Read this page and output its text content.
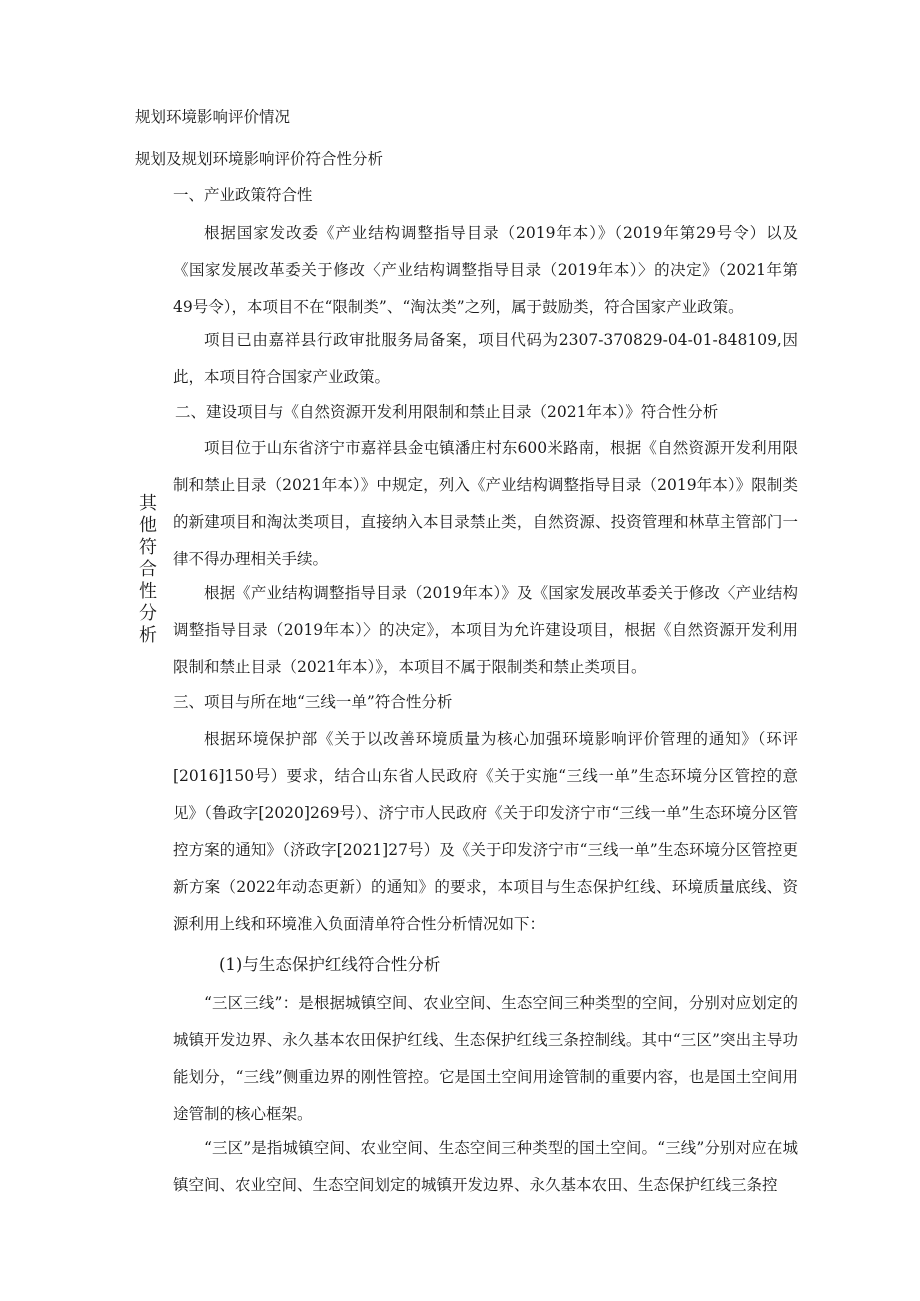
规划环境影响评价情况
规划及规划环境影响评价符合性分析
其
他
符
合
性
分
析
一、产业政策符合性
根据国家发改委《产业结构调整指导目录（2019年本）》（2019年第29号令）以及《国家发展改革委关于修改〈产业结构调整指导目录（2019年本）〉的决定》（2021年第49号令），本项目不在“限制类”、“淘汰类”之列，属于鼓励类，符合国家产业政策。
项目已由嘉祥县行政审批服务局备案，项目代码为2307-370829-04-01-848109,因此，本项目符合国家产业政策。
二、建设项目与《自然资源开发利用限制和禁止目录（2021年本）》符合性分析
项目位于山东省济宁市嘉祥县金屯镇潘庄村东600米路南，根据《自然资源开发利用限制和禁止目录（2021年本）》中规定，列入《产业结构调整指导目录（2019年本）》限制类的新建项目和淘汰类项目，直接纳入本目录禁止类，自然资源、投资管理和林草主管部门一律不得办理相关手续。
根据《产业结构调整指导目录（2019年本）》及《国家发展改革委关于修改〈产业结构调整指导目录（2019年本）〉的决定》，本项目为允许建设项目，根据《自然资源开发利用限制和禁止目录（2021年本）》，本项目不属于限制类和禁止类项目。
三、项目与所在地“三线一单”符合性分析
根据环境保护部《关于以改善环境质量为核心加强环境影响评价管理的通知》（环评[2016]150号）要求，结合山东省人民政府《关于实施“三线一单”生态环境分区管控的意见》（鲁政字[2020]269号）、济宁市人民政府《关于印发济宁市“三线一单”生态环境分区管控方案的通知》（济政字[2021]27号）及《关于印发济宁市“三线一单”生态环境分区管控更新方案（2022年动态更新）的通知》的要求，本项目与生态保护红线、环境质量底线、资源利用上线和环境准入负面清单符合性分析情况如下：
(1)与生态保护红线符合性分析
“三区三线”：是根据城镇空间、农业空间、生态空间三种类型的空间，分别对应划定的城镇开发边界、永久基本农田保护红线、生态保护红线三条控制线。其中“三区”突出主导功能划分，“三线”侧重边界的刚性管控。它是国土空间用途管制的重要内容，也是国土空间用途管制的核心框架。
“三区”是指城镇空间、农业空间、生态空间三种类型的国土空间。“三线”分别对应在城镇空间、农业空间、生态空间划定的城镇开发边界、永久基本农田、生态保护红线三条控
